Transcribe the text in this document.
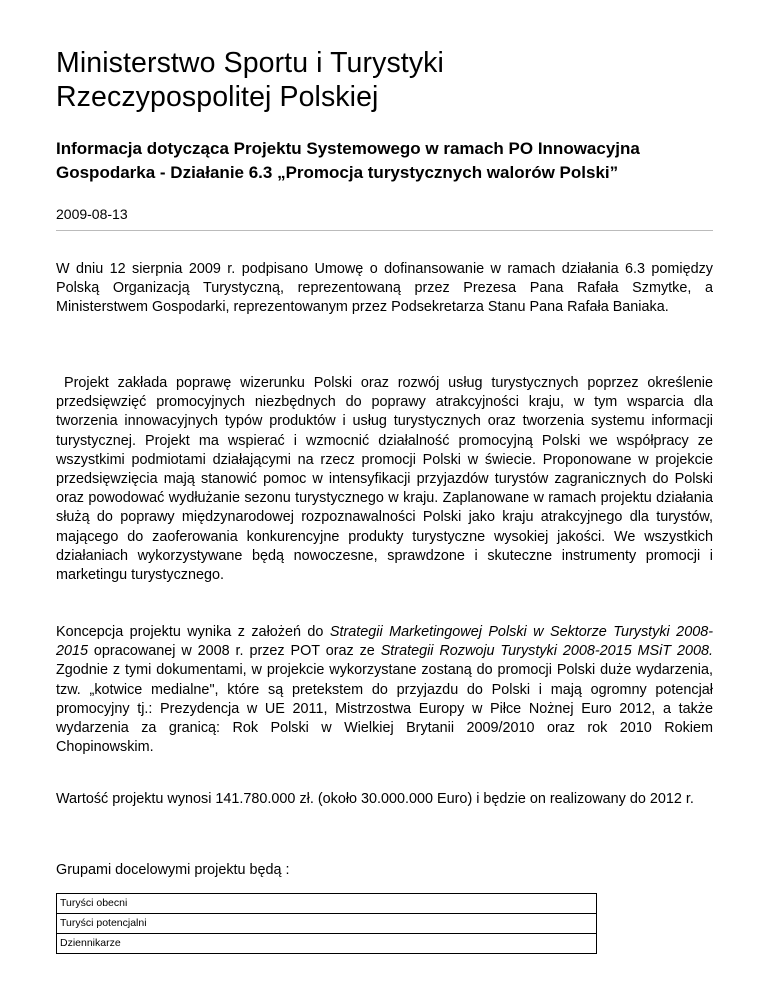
Ministerstwo Sportu i Turystyki
Rzeczypospolitej Polskiej
Informacja dotycząca Projektu Systemowego w ramach PO Innowacyjna Gospodarka - Działanie 6.3 „Promocja turystycznych walorów Polski”
2009-08-13

W dniu 12 sierpnia 2009 r. podpisano Umowę o dofinansowanie w ramach działania 6.3 pomiędzy Polską Organizacją Turystyczną, reprezentowaną przez Prezesa Pana Rafała Szmytke, a Ministerstwem Gospodarki, reprezentowanym przez Podsekretarza Stanu Pana Rafała Baniaka.

Projekt zakłada poprawę wizerunku Polski oraz rozwój usług turystycznych poprzez określenie przedsięwzięć promocyjnych niezbędnych do poprawy atrakcyjności kraju, w tym wsparcia dla tworzenia innowacyjnych typów produktów i usług turystycznych oraz tworzenia systemu informacji turystycznej. Projekt ma wspierać i wzmocnić działalność promocyjną Polski we współpracy ze wszystkimi podmiotami działającymi na rzecz promocji Polski w świecie. Proponowane w projekcie przedsięwzięcia mają stanowić pomoc w intensyfikacji przyjazdów turystów zagranicznych do Polski oraz powodować wydłużanie sezonu turystycznego w kraju. Zaplanowane w ramach projektu działania służą do poprawy międzynarodowej rozpoznawalności Polski jako kraju atrakcyjnego dla turystów, mającego do zaoferowania konkurencyjne produkty turystyczne wysokiej jakości. We wszystkich działaniach wykorzystywane będą nowoczesne, sprawdzone i skuteczne instrumenty promocji i marketingu turystycznego.

Koncepcja projektu wynika z założeń do Strategii Marketingowej Polski w Sektorze Turystyki 2008-2015 opracowanej w 2008 r. przez POT oraz ze Strategii Rozwoju Turystyki 2008-2015 MSiT 2008. Zgodnie z tymi dokumentami, w projekcie wykorzystane zostaną do promocji Polski duże wydarzenia, tzw. „kotwice medialne", które są pretekstem do przyjazdu do Polski i mają ogromny potencjał promocyjny tj.: Prezydencja w UE 2011, Mistrzostwa Europy w Piłce Nożnej Euro 2012, a także wydarzenia za granicą: Rok Polski w Wielkiej Brytanii 2009/2010 oraz rok 2010 Rokiem Chopinowskim.

Wartość projektu wynosi 141.780.000 zł. (około 30.000.000 Euro) i będzie on realizowany do 2012 r.

Grupami docelowymi projektu będą :

Turyści obecni
Turyści potencjalni
Dziennikarze
